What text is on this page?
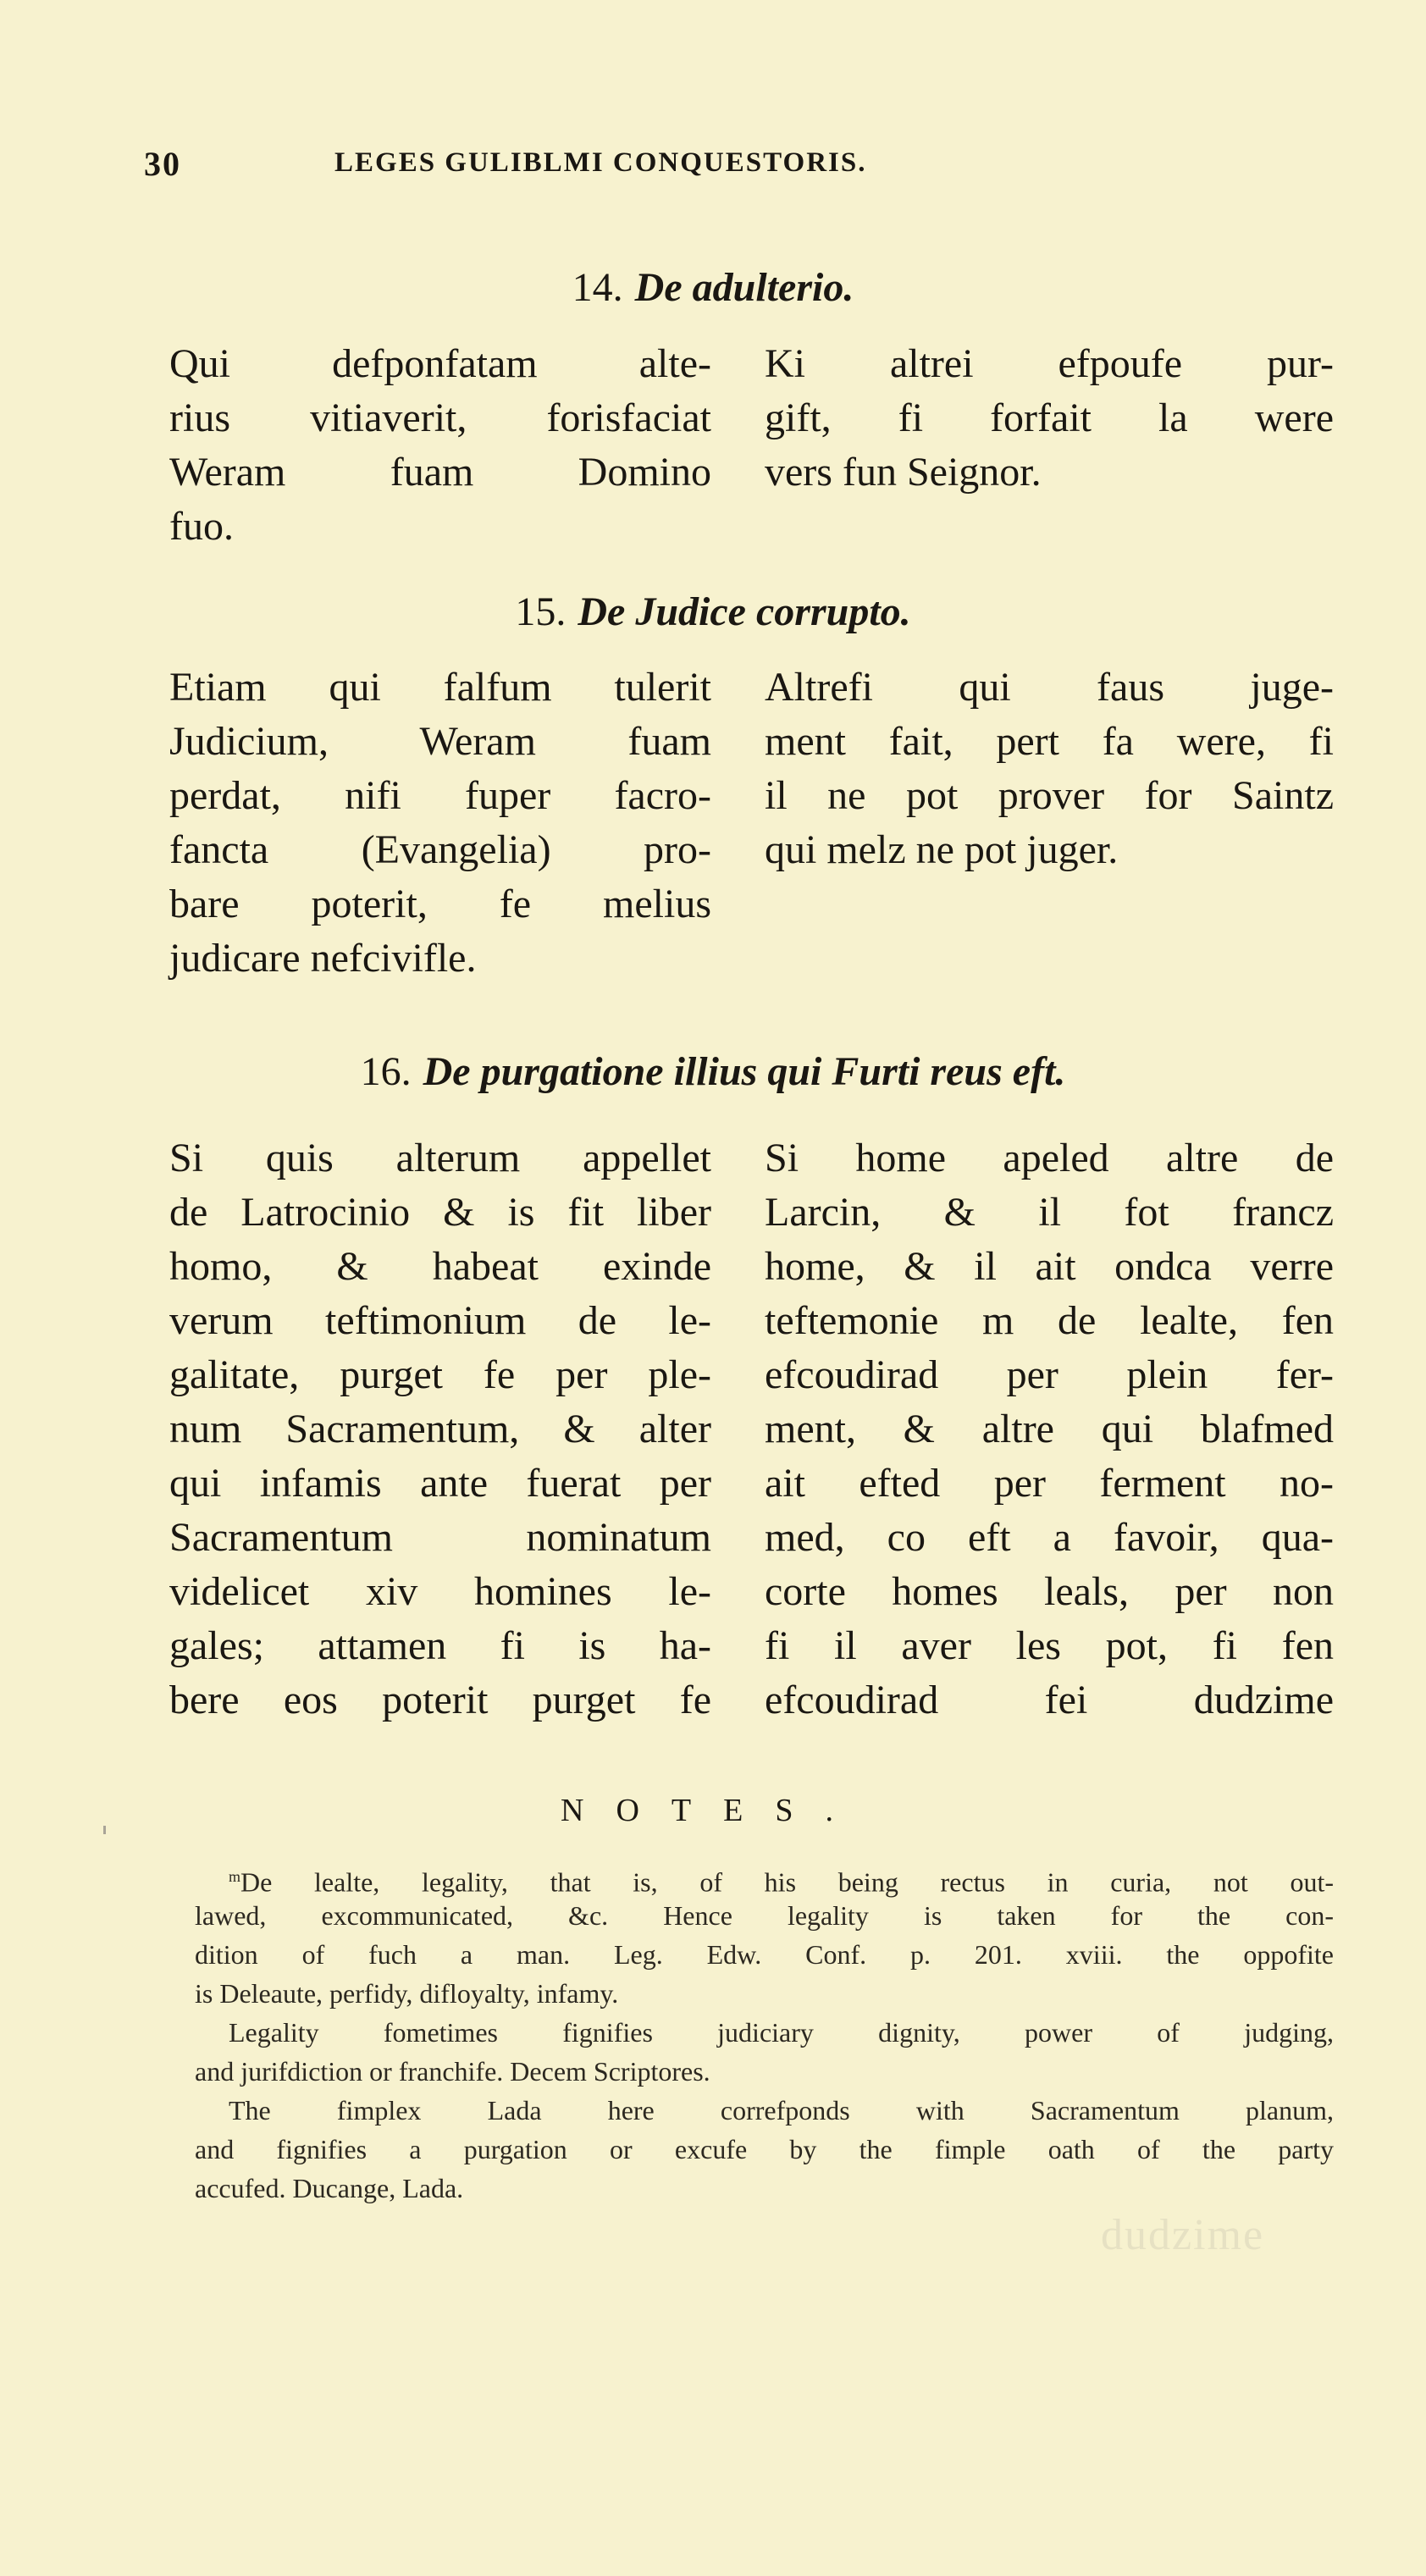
30	LEGES GULIBLMI CONQUESTORIS.
14. De adulterio.
Qui defponfatam alte-
rius vitiaverit, forisfaciat
Weram fuam Domino
fuo.
Ki altrei efpoufe pur-
gift, fi forfait la were
vers fun Seignor.
15. De Judice corrupto.
Etiam qui falfum tulerit
Judicium, Weram fuam
perdat, nifi fuper facro-
fancta (Evangelia) pro-
bare poterit, fe melius
judicare nefcivifle.
Altrefi qui faus juge-
ment fait, pert fa were, fi
il ne pot prover for Saintz
qui melz ne pot juger.
16. De purgatione illius qui Furti reus eft.
Si quis alterum appellet
de Latrocinio & is fit liber
homo, & habeat exinde
verum teftimonium de le-
galitate, purget fe per ple-
num Sacramentum, & alter
qui infamis ante fuerat per
Sacramentum nominatum
videlicet xiv homines le-
gales; attamen fi is ha-
bere eos poterit purget fe
Si home apeled altre de
Larcin, & il fot francz
home, & il ait ondca verre
teftemonie m de lealte, fen
efcoudirad per plein fer-
ment, & altre qui blafmed
ait efted per ferment no-
med, co eft a favoir, qua-
corte homes leals, per non
fi il aver les pot, fi fen
efcoudirad fei dudzime
NOTES.
$^m$De lealte, legality, that is, of his being rectus in curia, not out-
lawed, excommunicated, &c. Hence legality is taken for the con-
dition of fuch a man. Leg. Edw. Conf. p. 201. xviii. the oppofite
is Deleaute, perfidy, difloyalty, infamy.
Legality fometimes fignifies judiciary dignity, power of judging,
and jurifdiction or franchife. Decem Scriptores.
The fimplex Lada here correfponds with Sacramentum planum,
and fignifies a purgation or excufe by the fimple oath of the party
accufed. Ducange, Lada.
dudzime
